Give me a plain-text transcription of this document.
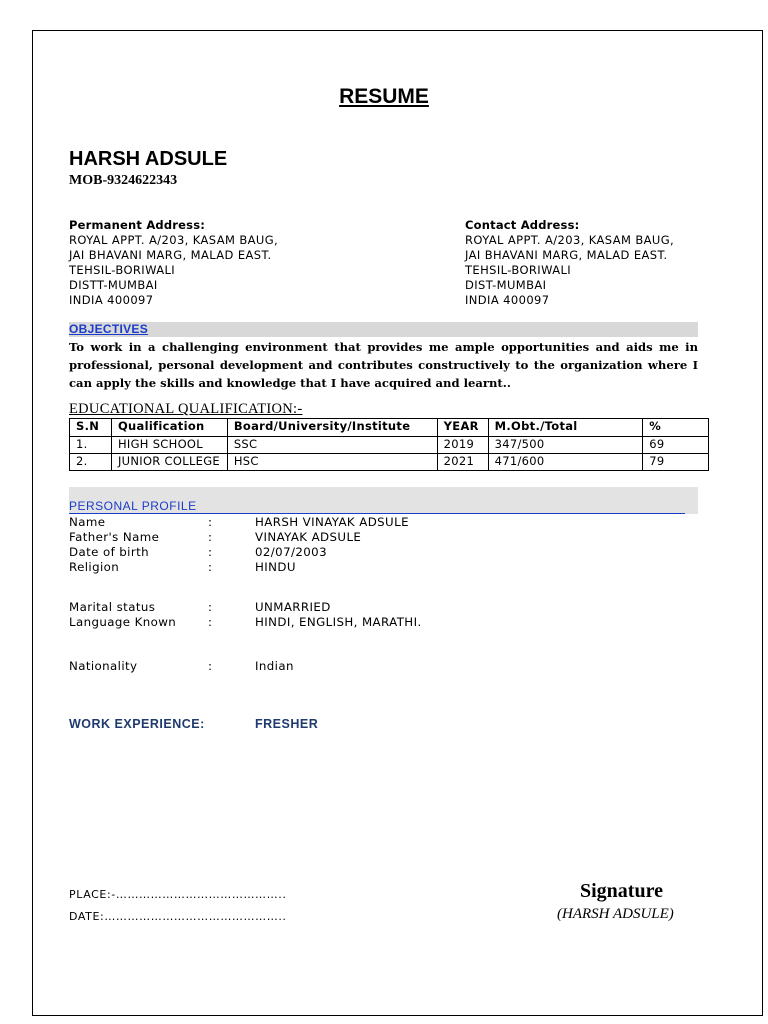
RESUME
HARSH ADSULE
MOB-9324622343
Permanent Address:
ROYAL APPT. A/203, KASAM BAUG,
JAI BHAVANI MARG, MALAD EAST.
TEHSIL-BORIWALI
DISTT-MUMBAI
INDIA 400097
Contact Address:
ROYAL APPT. A/203, KASAM BAUG,
JAI BHAVANI MARG, MALAD EAST.
TEHSIL-BORIWALI
DIST-MUMBAI
INDIA 400097
OBJECTIVES
To work in a challenging environment that provides me ample opportunities and aids me in professional, personal development and contributes constructively to the organization where I can apply the skills and knowledge that I have acquired and learnt..
EDUCATIONAL QUALIFICATION:-
S.N	Qualification	Board/University/Institute	YEAR	M.Obt./Total	%
1.	HIGH SCHOOL	SSC	2019	347/500	69
2.	JUNIOR COLLEGE	HSC	2021	471/600	79
PERSONAL PROFILE
Name	:	HARSH VINAYAK ADSULE
Father's Name	:	VINAYAK ADSULE
Date of birth	:	02/07/2003
Religion	:	HINDU
Marital status	:	UNMARRIED
Language Known	:	HINDI, ENGLISH, MARATHI.
Nationality	:	Indian
WORK EXPERIENCE:	FRESHER
PLACE:-……………………………………..
DATE:………………………………………..
Signature
(HARSH ADSULE)
